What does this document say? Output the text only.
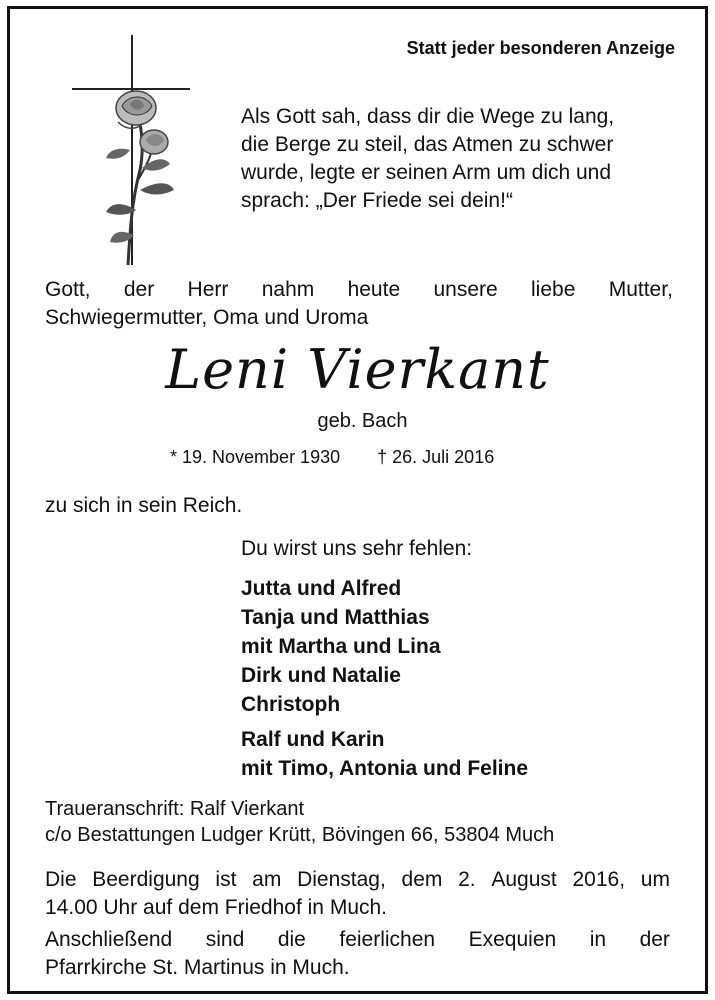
Statt jeder besonderen Anzeige
Als Gott sah, dass dir die Wege zu lang,
die Berge zu steil, das Atmen zu schwer
wurde, legte er seinen Arm um dich und
sprach: „Der Friede sei dein!“
Gott, der Herr nahm heute unsere liebe Mutter,
Schwiegermutter, Oma und Uroma
Leni Vierkant
geb. Bach
* 19. November 1930 † 26. Juli 2016
zu sich in sein Reich.
Du wirst uns sehr fehlen:
Jutta und Alfred
Tanja und Matthias
mit Martha und Lina
Dirk und Natalie
Christoph
Ralf und Karin
mit Timo, Antonia und Feline
Traueranschrift: Ralf Vierkant
c/o Bestattungen Ludger Krütt, Bövingen 66, 53804 Much
Die Beerdigung ist am Dienstag, dem 2. August 2016, um
14.00 Uhr auf dem Friedhof in Much.
Anschließend sind die feierlichen Exequien in der
Pfarrkirche St. Martinus in Much.
